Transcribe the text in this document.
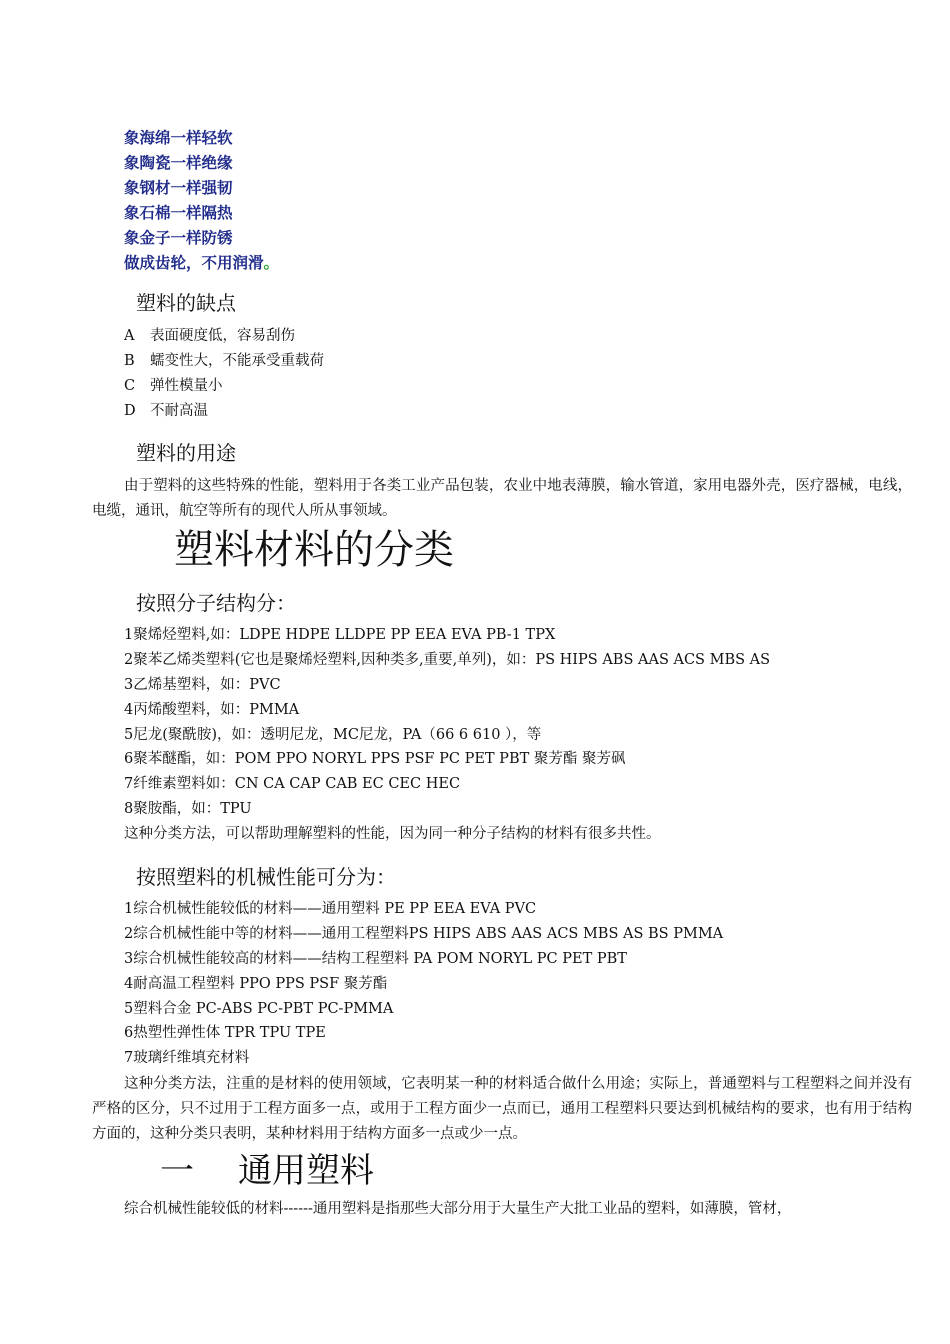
象海绵一样轻软
象陶瓷一样绝缘
象钢材一样强韧
象石棉一样隔热
象金子一样防锈
做成齿轮，不用润滑。
塑料的缺点
A 表面硬度低，容易刮伤
B 蠕变性大，不能承受重载荷
C 弹性模量小
D 不耐高温
塑料的用途

由于塑料的这些特殊的性能，塑料用于各类工业产品包装，农业中地表薄膜，输水管道，家用电器外壳，医疗器械，电线，电缆，通讯，航空等所有的现代人所从事领域。

塑料材料的分类
按照分子结构分：
1聚烯烃塑料,如：LDPE HDPE LLDPE PP EEA EVA PB-1 TPX
2聚苯乙烯类塑料(它也是聚烯烃塑料,因种类多,重要,单列)，如：PS HIPS ABS AAS ACS MBS AS
3乙烯基塑料，如：PVC
4丙烯酸塑料，如：PMMA
5尼龙(聚酰胺)，如：透明尼龙，MC尼龙，PA（66 6 610 ），等
6聚苯醚酯，如：POM PPO NORYL PPS PSF PC PET PBT 聚芳酯 聚芳砜
7纤维素塑料如：CN CA CAP CAB EC CEC HEC
8聚胺酯，如：TPU
这种分类方法，可以帮助理解塑料的性能，因为同一种分子结构的材料有很多共性。
按照塑料的机械性能可分为：
1综合机械性能较低的材料——通用塑料 PE PP EEA EVA PVC
2综合机械性能中等的材料——通用工程塑料PS HIPS ABS AAS ACS MBS AS BS PMMA
3综合机械性能较高的材料——结构工程塑料 PA POM NORYL PC PET PBT
4耐高温工程塑料 PPO PPS PSF 聚芳酯
5塑料合金 PC-ABS PC-PBT PC-PMMA
6热塑性弹性体 TPR TPU TPE
7玻璃纤维填充材料

这种分类方法，注重的是材料的使用领域，它表明某一种的材料适合做什么用途；实际上，普通塑料与工程塑料之间并没有严格的区分，只不过用于工程方面多一点，或用于工程方面少一点而已，通用工程塑料只要达到机械结构的要求，也有用于结构方面的，这种分类只表明，某种材料用于结构方面多一点或少一点。

一 通用塑料

综合机械性能较低的材料------通用塑料是指那些大部分用于大量生产大批工业品的塑料，如薄膜，管材，
